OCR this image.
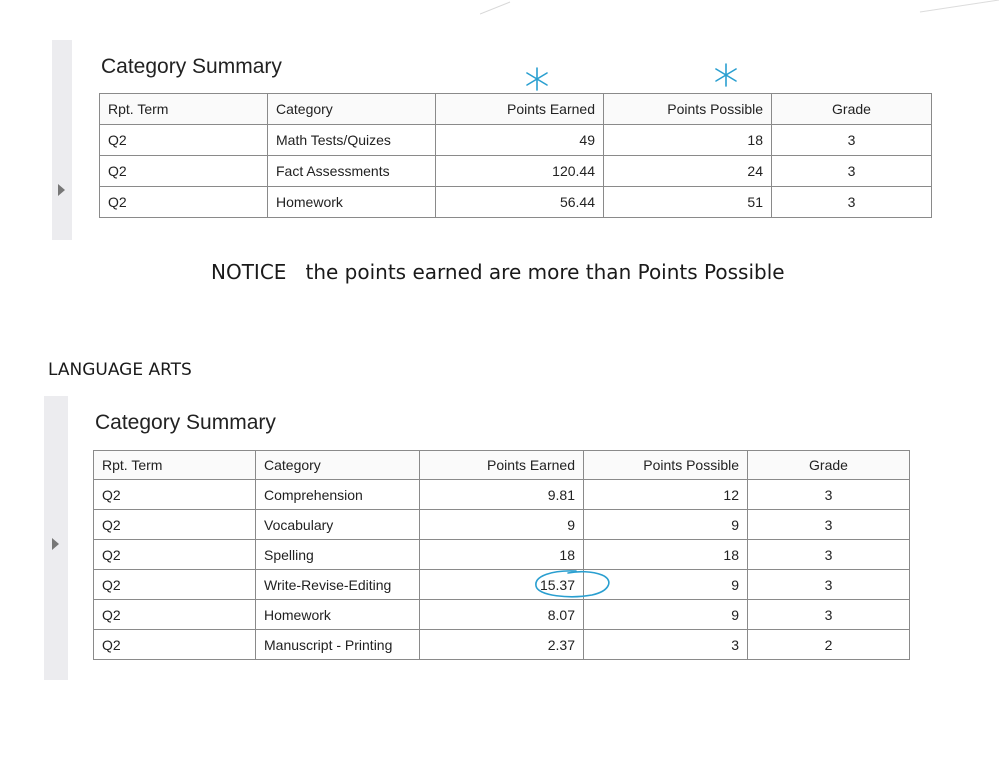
Category Summary
Rpt. Term	Category	Points Earned	Points Possible	Grade
Q2	Math Tests/Quizes	49	18	3
Q2	Fact Assessments	120.44	24	3
Q2	Homework	56.44	51	3
NOTICE the points earned are more than Points Possible
LANGUAGE ARTS
Category Summary
Rpt. Term	Category	Points Earned	Points Possible	Grade
Q2	Comprehension	9.81	12	3
Q2	Vocabulary	9	9	3
Q2	Spelling	18	18	3
Q2	Write-Revise-Editing	15.37	9	3
Q2	Homework	8.07	9	3
Q2	Manuscript - Printing	2.37	3	2
